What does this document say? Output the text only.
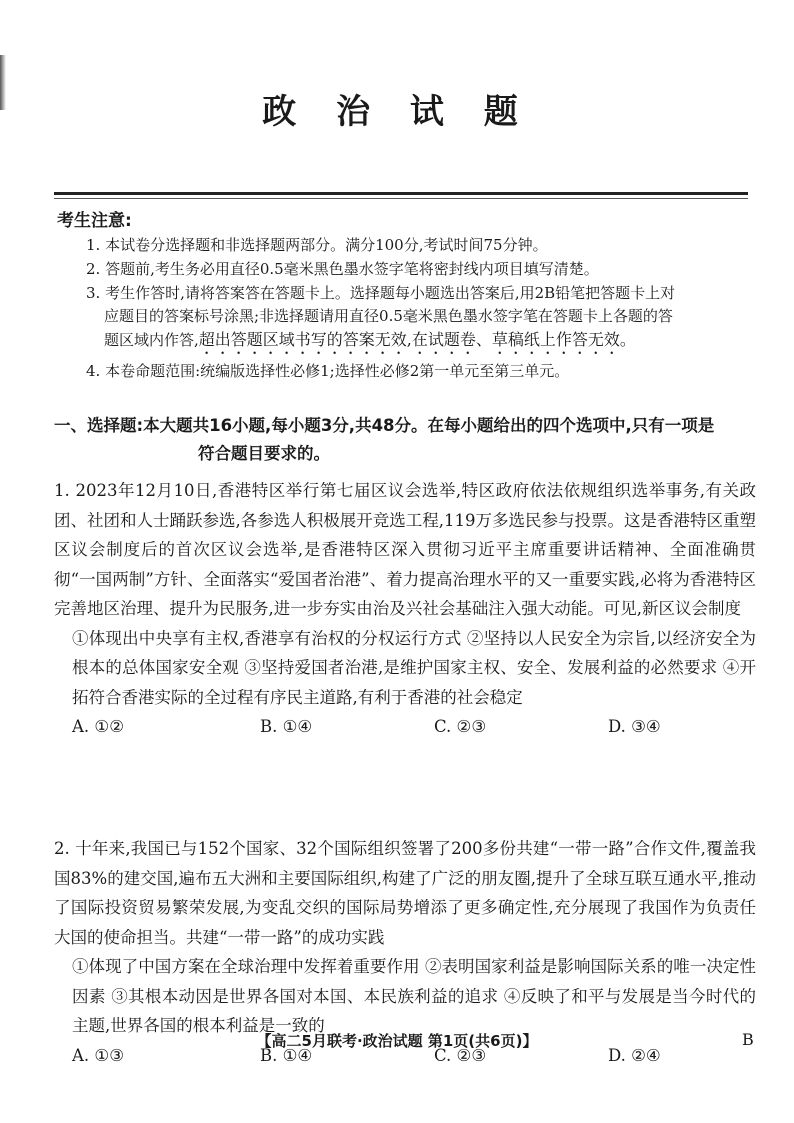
政 治 试 题
考生注意:
1. 本试卷分选择题和非选择题两部分。满分100分,考试时间75分钟。
2. 答题前,考生务必用直径0.5毫米黑色墨水签字笔将密封线内项目填写清楚。
3. 考生作答时,请将答案答在答题卡上。选择题每小题选出答案后,用2B铅笔把答题卡上对
应题目的答案标号涂黑;非选择题请用直径0.5毫米黑色墨水签字笔在答题卡上各题的答
题区域内作答,超出答题区域书写的答案无效,在试题卷、草稿纸上作答无效。
4. 本卷命题范围:统编版选择性必修1;选择性必修2第一单元至第三单元。
一、选择题:本大题共16小题,每小题3分,共48分。在每小题给出的四个选项中,只有一项是
符合题目要求的。
1. 2023年12月10日,香港特区举行第七届区议会选举,特区政府依法依规组织选举事务,有关政团、社团和人士踊跃参选,各参选人积极展开竞选工程,119万多选民参与投票。这是香港特区重塑区议会制度后的首次区议会选举,是香港特区深入贯彻习近平主席重要讲话精神、全面准确贯彻“一国两制”方针、全面落实“爱国者治港”、着力提高治理水平的又一重要实践,必将为香港特区完善地区治理、提升为民服务,进一步夯实由治及兴社会基础注入强大动能。可见,新区议会制度
①体现出中央享有主权,香港享有治权的分权运行方式 ②坚持以人民安全为宗旨,以经济安全为根本的总体国家安全观 ③坚持爱国者治港,是维护国家主权、安全、发展利益的必然要求 ④开拓符合香港实际的全过程有序民主道路,有利于香港的社会稳定
A. ①②	B. ①④	C. ②③	D. ③④
2. 十年来,我国已与152个国家、32个国际组织签署了200多份共建“一带一路”合作文件,覆盖我国83%的建交国,遍布五大洲和主要国际组织,构建了广泛的朋友圈,提升了全球互联互通水平,推动了国际投资贸易繁荣发展,为变乱交织的国际局势增添了更多确定性,充分展现了我国作为负责任大国的使命担当。共建“一带一路”的成功实践
①体现了中国方案在全球治理中发挥着重要作用 ②表明国家利益是影响国际关系的唯一决定性因素 ③其根本动因是世界各国对本国、本民族利益的追求 ④反映了和平与发展是当今时代的主题,世界各国的根本利益是一致的
A. ①③	B. ①④	C. ②③	D. ②④
【高二5月联考·政治试题 第1页(共6页)】	B
